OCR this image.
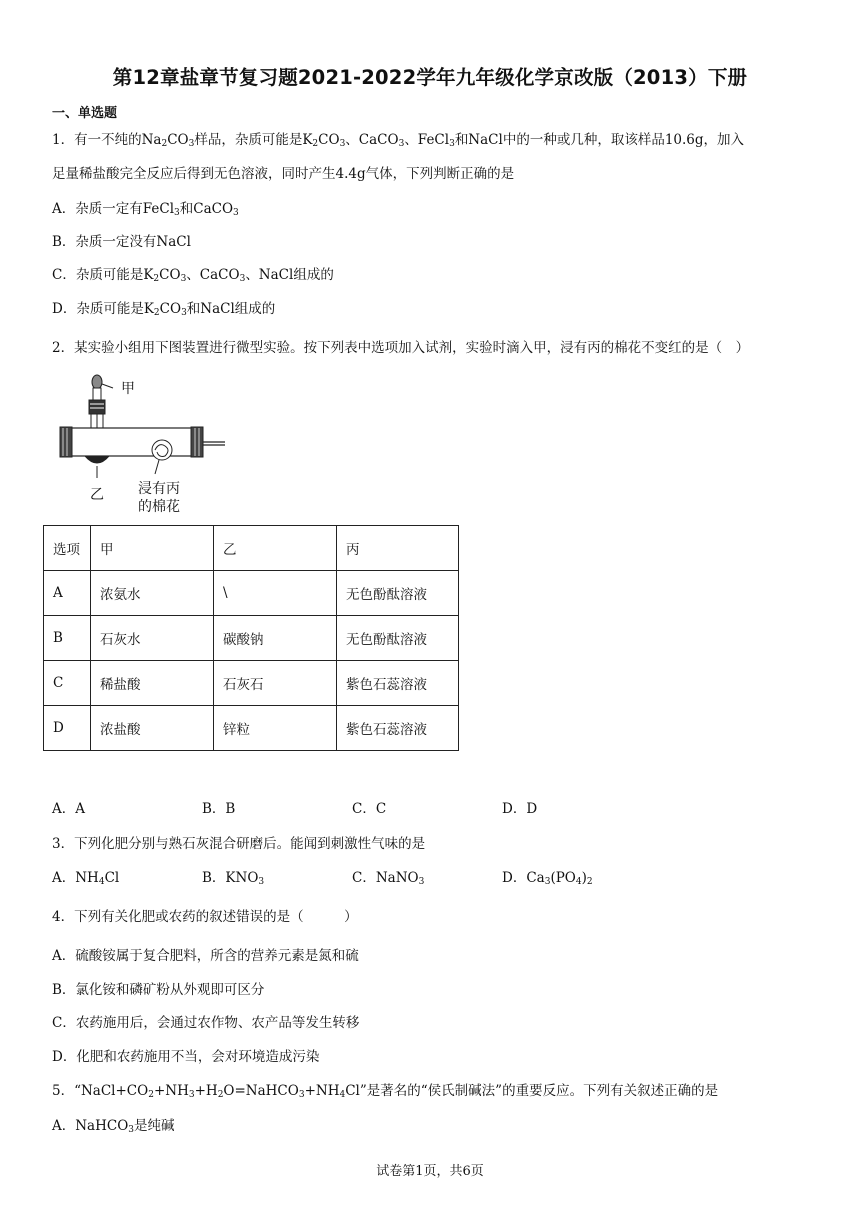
第12章盐章节复习题2021-2022学年九年级化学京改版（2013）下册
一、单选题
1．有一不纯的$Na_2CO_3$样品，杂质可能是$K_2CO_3$、CaCO$_3$、FeCl$_3$和NaCl中的一种或几种，取该样品10.6g，加入
足量稀盐酸完全反应后得到无色溶液，同时产生4.4g气体，下列判断正确的是
A．杂质一定有FeCl$_3$和CaCO$_3$
B．杂质一定没有NaCl
C．杂质可能是$K_2CO_3$、CaCO$_3$、NaCl组成的
D．杂质可能是$K_2CO_3$和NaCl组成的
2．某实验小组用下图装置进行微型实验。按下列表中选项加入试剂，实验时滴入甲，浸有丙的棉花不变红的是（　）
甲
乙 浸有丙
的棉花
选项	甲	乙	丙
A	浓氨水	\	无色酚酞溶液
B	石灰水	碳酸钠	无色酚酞溶液
C	稀盐酸	石灰石	紫色石蕊溶液
D	浓盐酸	锌粒	紫色石蕊溶液
A．A	B．B	C．C	D．D
3．下列化肥分别与熟石灰混合研磨后。能闻到刺激性气味的是
A．$NH_4Cl$	B．$KNO_3$	C．NaNO$_3$	D．$Ca_3(PO_4)_2$
4．下列有关化肥或农药的叙述错误的是（　　　）
A．硫酸铵属于复合肥料，所含的营养元素是氮和硫
B．氯化铵和磷矿粉从外观即可区分
C．农药施用后，会通过农作物、农产品等发生转移
D．化肥和农药施用不当，会对环境造成污染
5．“$NaCl+CO_2+NH_3+H_2O=NaHCO_3+NH_4Cl$”是著名的“侯氏制碱法”的重要反应。下列有关叙述正确的是
A．NaHCO$_3$是纯碱
试卷第1页，共6页
